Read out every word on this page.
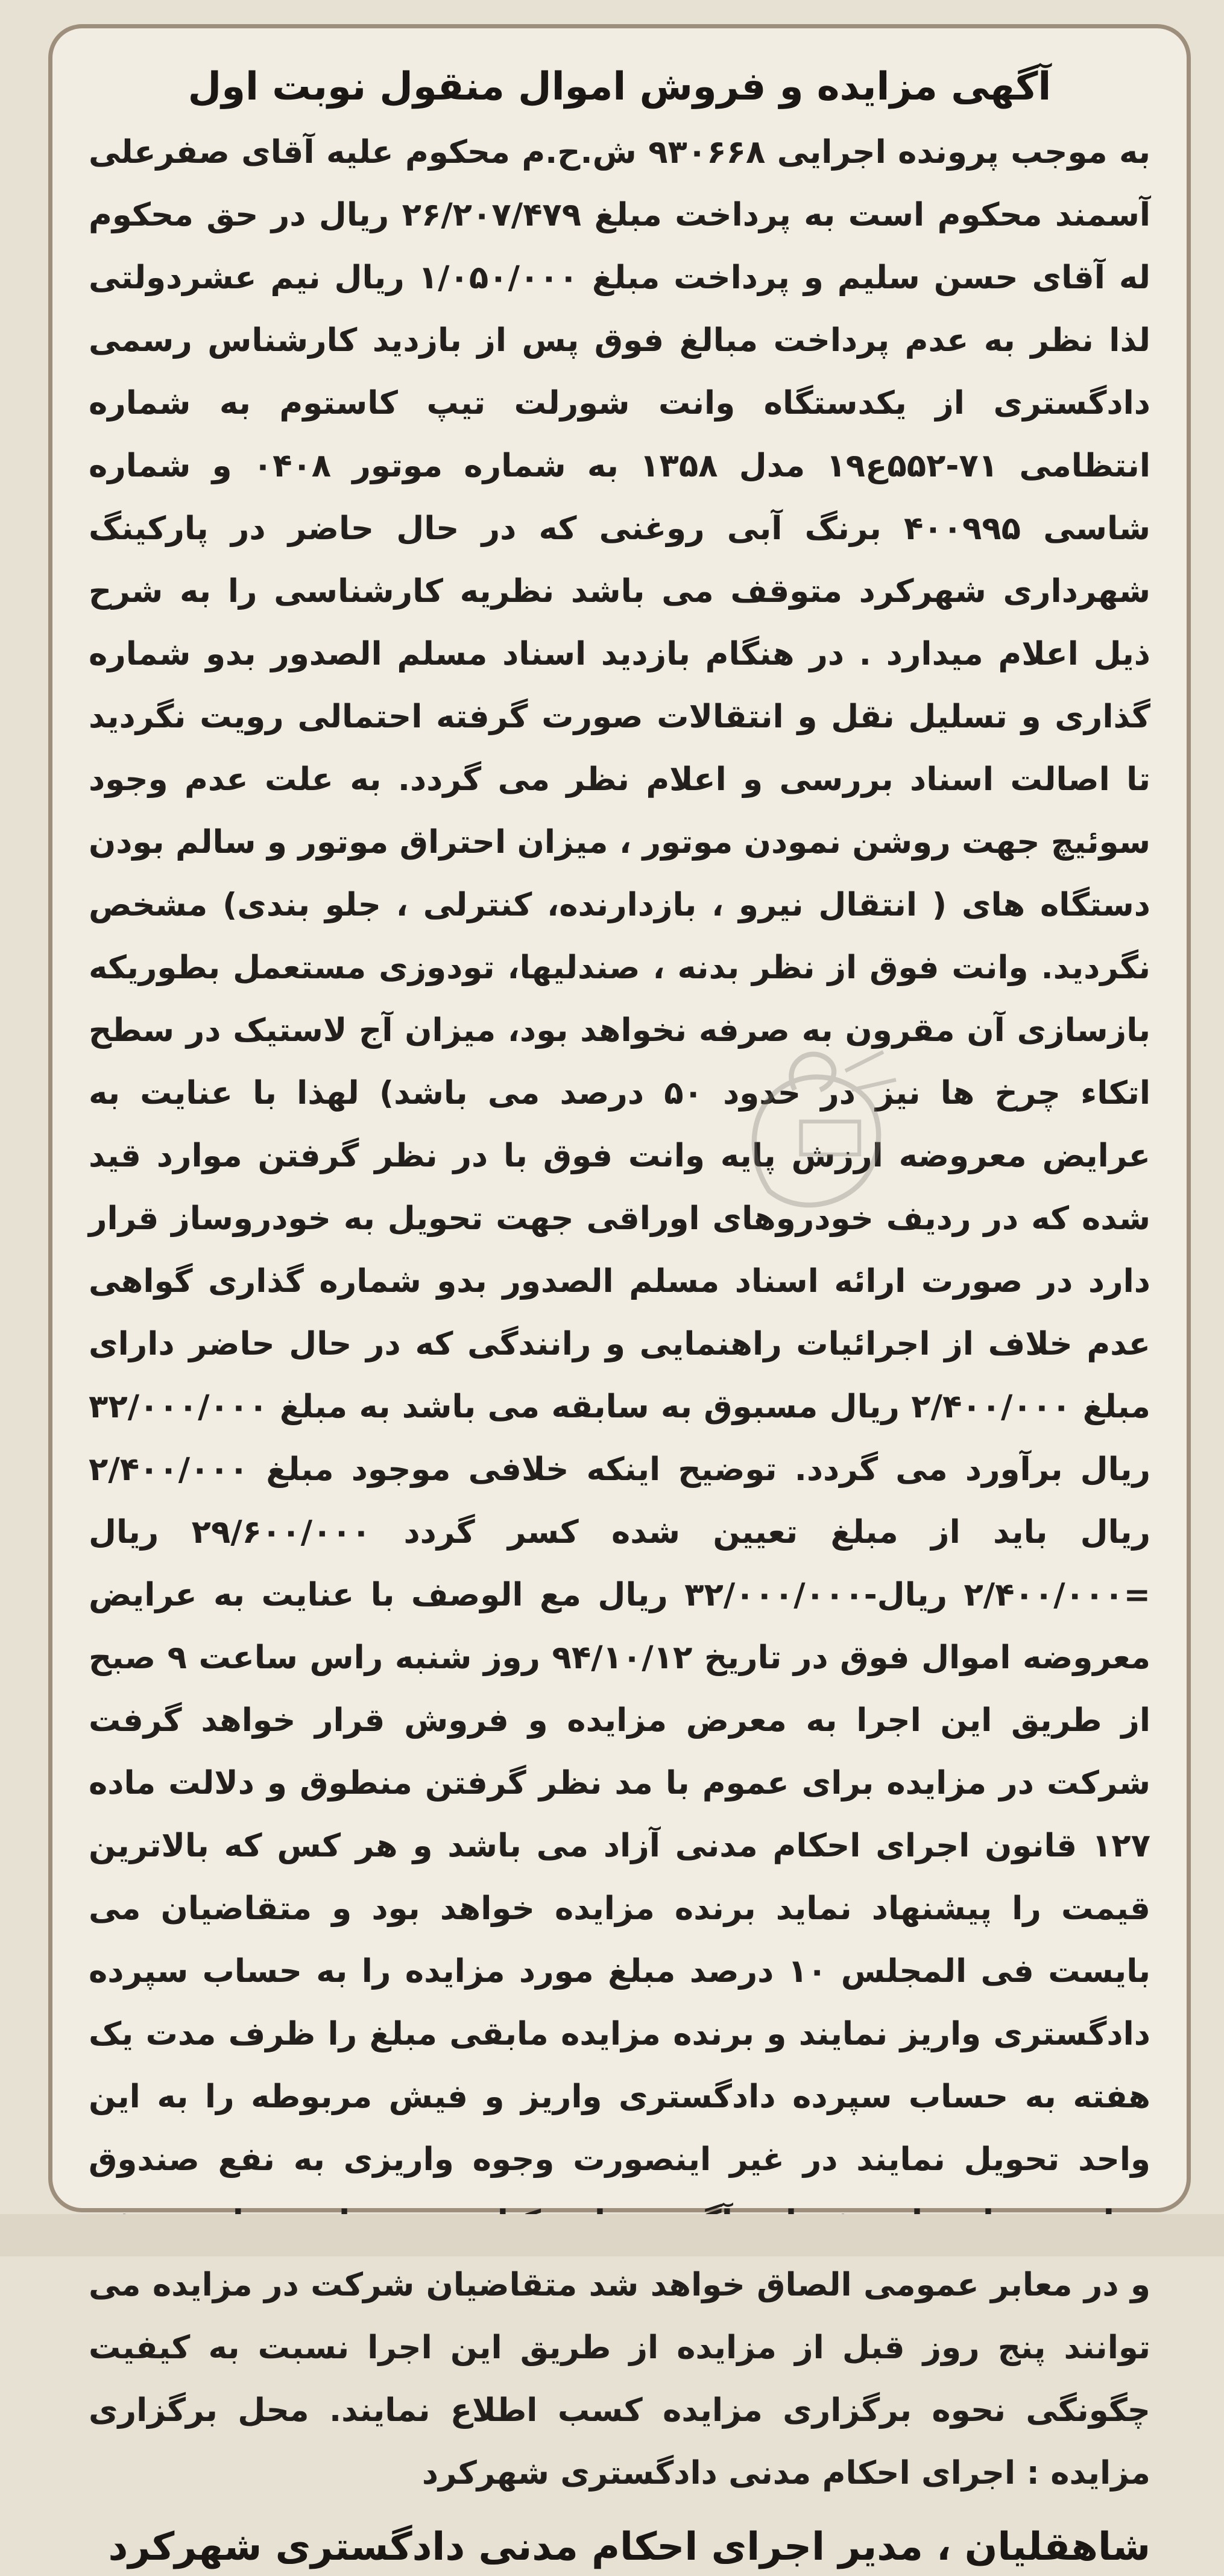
آگهی مزایده و فروش اموال منقول نوبت اول

به موجب پرونده اجرایی ۹۳۰۶۶۸ ش.ح.م محکوم علیه آقای صفرعلی آسمند محکوم است به پرداخت مبلغ ۲۶/۲۰۷/۴۷۹ ریال در حق محکوم له آقای حسن سلیم و پرداخت مبلغ ۱/۰۵۰/۰۰۰ ریال نیم عشردولتی لذا نظر به عدم پرداخت مبالغ فوق پس از بازدید کارشناس رسمی دادگستری از یکدستگاه وانت شورلت تیپ کاستوم به شماره انتظامی ۷۱-۵۵۲ع۱۹ مدل ۱۳۵۸ به شماره موتور ۰۴۰۸ و شماره شاسی ۴۰۰۹۹۵ برنگ آبی روغنی که در حال حاضر در پارکینگ شهرداری شهرکرد متوقف می باشد نظریه کارشناسی را به شرح ذیل اعلام میدارد . در هنگام بازدید اسناد مسلم الصدور بدو شماره گذاری و تسلیل نقل و انتقالات صورت گرفته احتمالی رویت نگردید تا اصالت اسناد بررسی و اعلام نظر می گردد. به علت عدم وجود سوئیچ جهت روشن نمودن موتور ، میزان احتراق موتور و سالم بودن دستگاه های ( انتقال نیرو ، بازدارنده، کنترلی ، جلو بندی) مشخص نگردید. وانت فوق از نظر بدنه ، صندلیها، تودوزی مستعمل بطوریکه بازسازی آن مقرون به صرفه نخواهد بود، میزان آج لاستیک در سطح اتکاء چرخ ها نیز در حدود ۵۰ درصد می باشد) لهذا با عنایت به عرایض معروضه ارزش پایه وانت فوق با در نظر گرفتن موارد قید شده که در ردیف خودروهای اوراقی جهت تحویل به خودروساز قرار دارد در صورت ارائه اسناد مسلم الصدور بدو شماره گذاری گواهی عدم خلاف از اجرائیات راهنمایی و رانندگی که در حال حاضر دارای مبلغ ۲/۴۰۰/۰۰۰ ریال مسبوق به سابقه می باشد به مبلغ ۳۲/۰۰۰/۰۰۰ ریال برآورد می گردد. توضیح اینکه خلافی موجود مبلغ ۲/۴۰۰/۰۰۰ ریال باید از مبلغ تعیین شده کسر گردد ۲۹/۶۰۰/۰۰۰ ریال =۲/۴۰۰/۰۰۰ ریال-۳۲/۰۰۰/۰۰۰ ریال مع الوصف با عنایت به عرایض معروضه اموال فوق در تاریخ ۹۴/۱۰/۱۲ روز شنبه راس ساعت ۹ صبح از طریق این اجرا به معرض مزایده و فروش قرار خواهد گرفت شرکت در مزایده برای عموم با مد نظر گرفتن منطوق و دلالت ماده ۱۲۷ قانون اجرای احکام مدنی آزاد می باشد و هر کس که بالاترین قیمت را پیشنهاد نماید برنده مزایده خواهد بود و متقاضیان می بایست فی المجلس ۱۰ درصد مبلغ مورد مزایده را به حساب سپرده دادگستری واریز نمایند و برنده مزایده مابقی مبلغ را ظرف مدت یک هفته به حساب سپرده دادگستری واریز و فیش مربوطه را به این واحد تحویل نمایند در غیر اینصورت وجوه واریزی به نفع صندوق و در معابر عمومی الصاق خواهد شد متقاضیان شرکت در مزایده می توانند پنج روز قبل از مزایده از طریق این اجرا نسبت به کیفیت چگونگی نحوه برگزاری مزایده کسب اطلاع نمایند. محل برگزاری مزایده : اجرای احکام مدنی دادگستری شهرکرد

شاهقلیان ، مدیر اجرای احکام مدنی دادگستری شهرکرد
